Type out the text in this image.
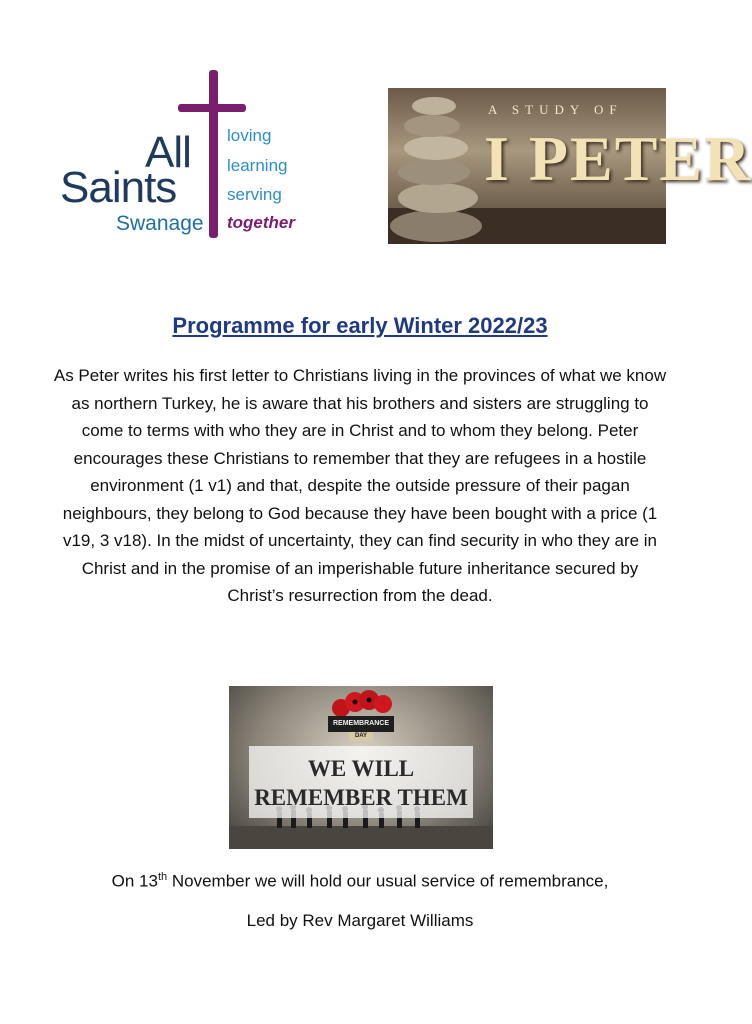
All
Saints
Swanage
loving
learning
serving
together
A STUDY OF
I PETER
Programme for early Winter 2022/23
As Peter writes his first letter to Christians living in the provinces of what we know as northern Turkey, he is aware that his brothers and sisters are struggling to come to terms with who they are in Christ and to whom they belong. Peter encourages these Christians to remember that they are refugees in a hostile environment (1 v1) and that, despite the outside pressure of their pagan neighbours, they belong to God because they have been bought with a price (1 v19, 3 v18). In the midst of uncertainty, they can find security in who they are in Christ and in the promise of an imperishable future inheritance secured by Christ’s resurrection from the dead.
REMEMBRANCE
DAY
WE WILL
REMEMBER THEM
On 13th November we will hold our usual service of remembrance,
Led by Rev Margaret Williams
